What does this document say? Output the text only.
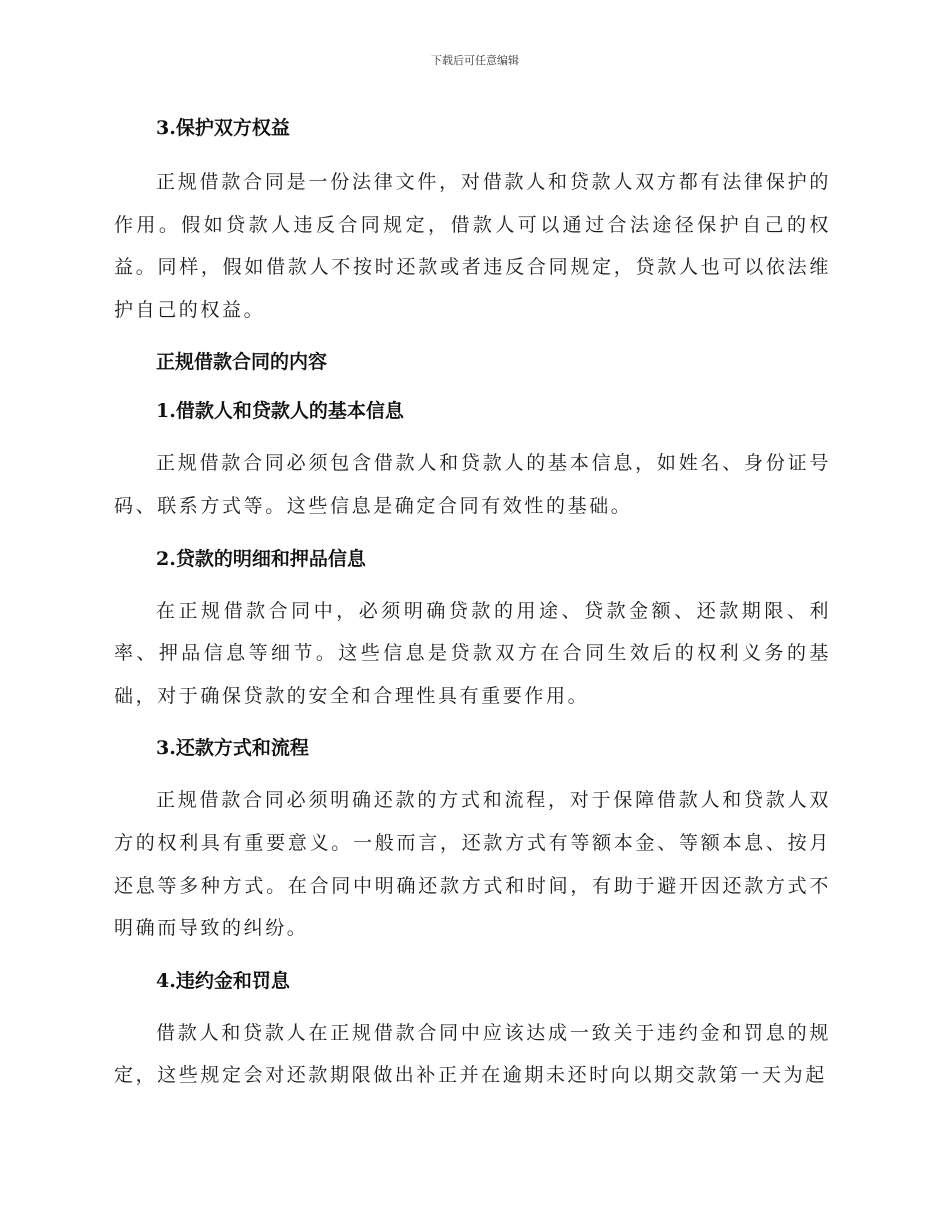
下载后可任意编辑
3.保护双方权益

正规借款合同是一份法律文件，对借款人和贷款人双方都有法律保护的作用。假如贷款人违反合同规定，借款人可以通过合法途径保护自己的权益。同样，假如借款人不按时还款或者违反合同规定，贷款人也可以依法维护自己的权益。

正规借款合同的内容
1.借款人和贷款人的基本信息

正规借款合同必须包含借款人和贷款人的基本信息，如姓名、身份证号码、联系方式等。这些信息是确定合同有效性的基础。

2.贷款的明细和押品信息

在正规借款合同中，必须明确贷款的用途、贷款金额、还款期限、利率、押品信息等细节。这些信息是贷款双方在合同生效后的权利义务的基础，对于确保贷款的安全和合理性具有重要作用。

3.还款方式和流程

正规借款合同必须明确还款的方式和流程，对于保障借款人和贷款人双方的权利具有重要意义。一般而言，还款方式有等额本金、等额本息、按月还息等多种方式。在合同中明确还款方式和时间，有助于避开因还款方式不明确而导致的纠纷。

4.违约金和罚息

借款人和贷款人在正规借款合同中应该达成一致关于违约金和罚息的规定，这些规定会对还款期限做出补正并在逾期未还时向以期交款第一天为起
